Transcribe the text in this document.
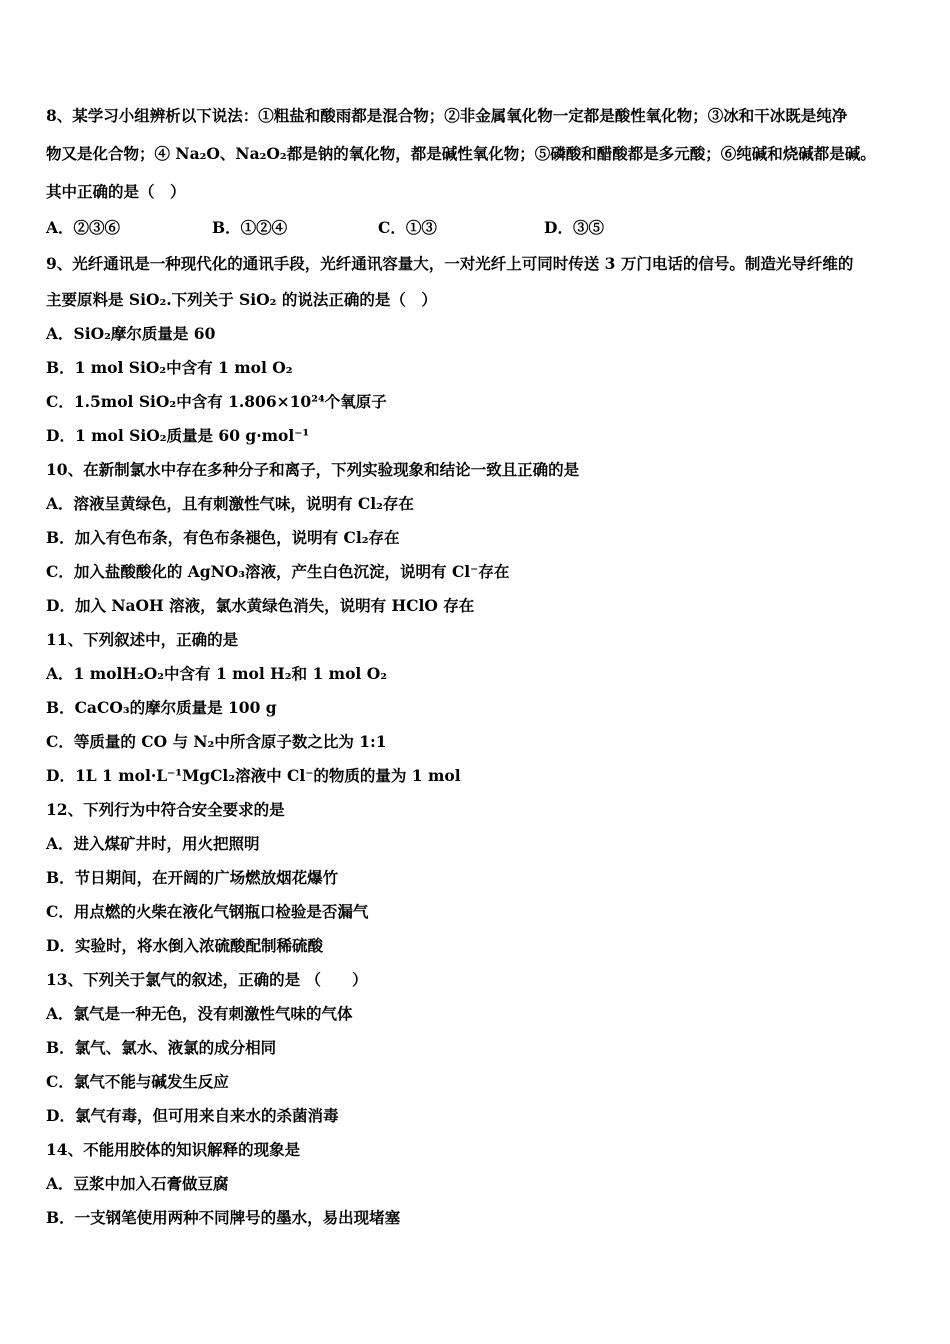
8、某学习小组辨析以下说法：①粗盐和酸雨都是混合物；②非金属氧化物一定都是酸性氧化物；③冰和干冰既是纯净
物又是化合物；④ Na₂O、Na₂O₂都是钠的氧化物，都是碱性氧化物；⑤磷酸和醋酸都是多元酸；⑥纯碱和烧碱都是碱。
其中正确的是（　）
A．②③⑥	B．①②④	C．①③	D．③⑤
9、光纤通讯是一种现代化的通讯手段，光纤通讯容量大，一对光纤上可同时传送 3 万门电话的信号。制造光导纤维的
主要原料是 SiO₂.下列关于 SiO₂ 的说法正确的是（　）
A．SiO₂摩尔质量是 60
B．1 mol SiO₂中含有 1 mol O₂
C．1.5mol SiO₂中含有 1.806×10²⁴个氧原子
D．1 mol SiO₂质量是 60 g·mol⁻¹
10、在新制氯水中存在多种分子和离子，下列实验现象和结论一致且正确的是
A．溶液呈黄绿色，且有刺激性气味，说明有 Cl₂存在
B．加入有色布条，有色布条褪色，说明有 Cl₂存在
C．加入盐酸酸化的 AgNO₃溶液，产生白色沉淀，说明有 Cl⁻存在
D．加入 NaOH 溶液，氯水黄绿色消失，说明有 HClO 存在
11、下列叙述中，正确的是
A．1 molH₂O₂中含有 1 mol H₂和 1 mol O₂
B．CaCO₃的摩尔质量是 100 g
C．等质量的 CO 与 N₂中所含原子数之比为 1:1
D．1L 1 mol·L⁻¹MgCl₂溶液中 Cl⁻的物质的量为 1 mol
12、下列行为中符合安全要求的是
A．进入煤矿井时，用火把照明
B．节日期间，在开阔的广场燃放烟花爆竹
C．用点燃的火柴在液化气钢瓶口检验是否漏气
D．实验时，将水倒入浓硫酸配制稀硫酸
13、下列关于氯气的叙述，正确的是 （　　）
A．氯气是一种无色，没有刺激性气味的气体
B．氯气、氯水、液氯的成分相同
C．氯气不能与碱发生反应
D．氯气有毒，但可用来自来水的杀菌消毒
14、不能用胶体的知识解释的现象是
A．豆浆中加入石膏做豆腐
B．一支钢笔使用两种不同牌号的墨水，易出现堵塞
